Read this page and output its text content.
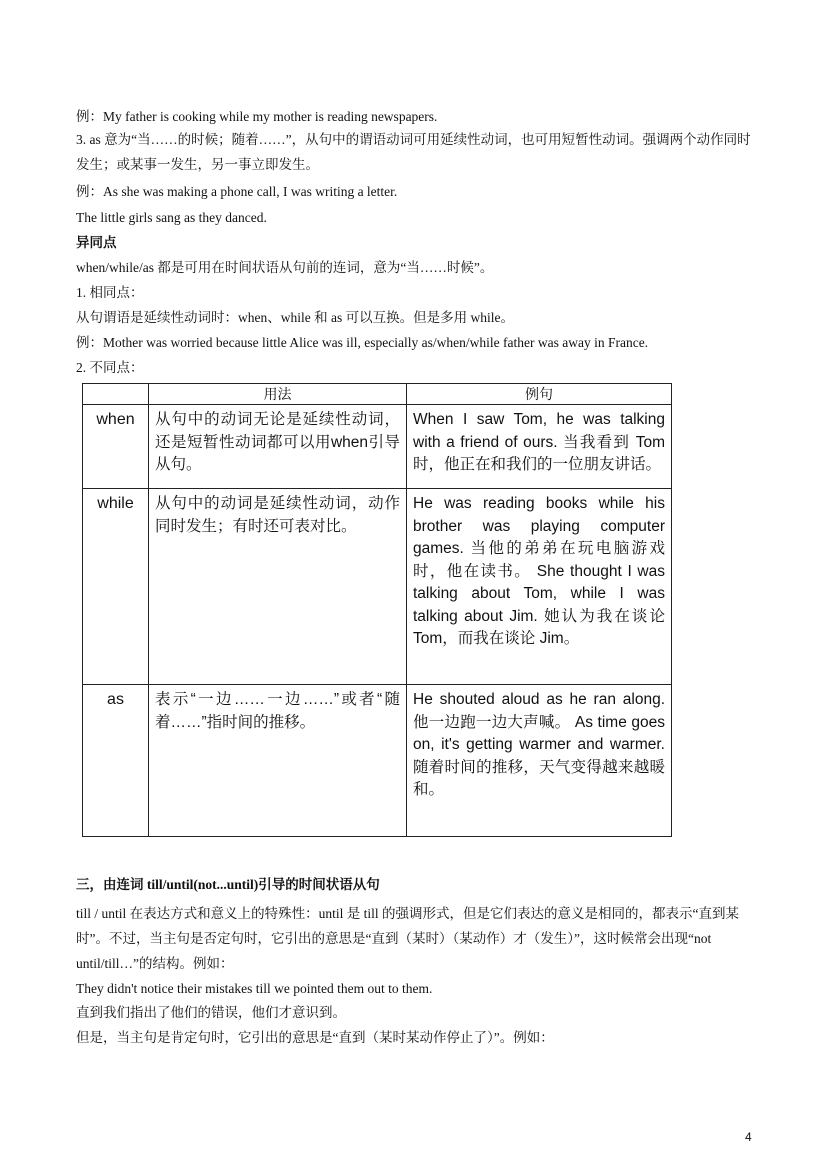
例：My father is cooking while my mother is reading newspapers.
3. as 意为“当……的时候；随着……”，从句中的谓语动词可用延续性动词，也可用短暂性动词。强调两个动作同时发生；或某事一发生，另一事立即发生。
例：As she was making a phone call, I was writing a letter.
The little girls sang as they danced.
异同点
when/while/as 都是可用在时间状语从句前的连词，意为“当……时候”。
1. 相同点：
从句谓语是延续性动词时：when、while 和 as 可以互换。但是多用 while。
例：Mother was worried because little Alice was ill, especially as/when/while father was away in France.
2. 不同点：
	用法	例句
when	从句中的动词无论是延续性动词，还是短暂性动词都可以用when引导从句。	When I saw Tom, he was talking with a friend of ours. 当我看到 Tom 时，他正在和我们的一位朋友讲话。
while	从句中的动词是延续性动词，动作同时发生；有时还可表对比。	He was reading books while his brother was playing computer games. 当他的弟弟在玩电脑游戏时，他在读书。 She thought I was talking about Tom, while I was talking about Jim. 她认为我在谈论 Tom，而我在谈论 Jim。
as	表示“一边……一边……”或者“随着……”指时间的推移。	He shouted aloud as he ran along. 他一边跑一边大声喊。 As time goes on, it's getting warmer and warmer. 随着时间的推移，天气变得越来越暖和。
三，由连词 till/until(not...until)引导的时间状语从句
till / until 在表达方式和意义上的特殊性：until 是 till 的强调形式，但是它们表达的意义是相同的，都表示“直到某时”。不过，当主句是否定句时，它引出的意思是“直到（某时）（某动作）才（发生）”，这时候常会出现“not until/till…”的结构。例如：
They didn't notice their mistakes till we pointed them out to them.
直到我们指出了他们的错误，他们才意识到。
但是，当主句是肯定句时，它引出的意思是“直到（某时某动作停止了）”。例如：
4
